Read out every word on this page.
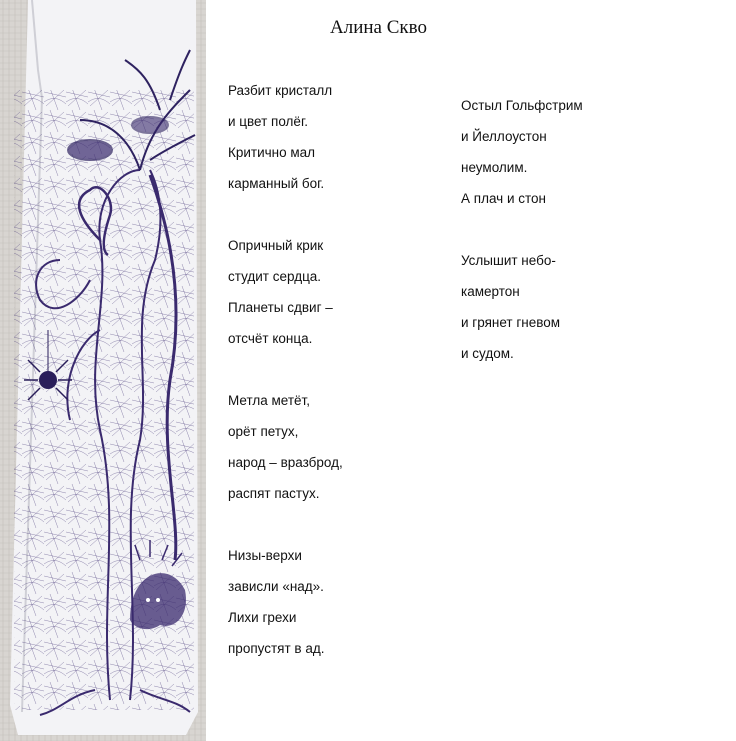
Алина Скво
Разбит кристалл
и цвет полёг.
Критично мал
карманный бог.
Опричный крик
студит сердца.
Планеты сдвиг –
отсчёт конца.
Метла метёт,
орёт петух,
народ – вразброд,
распят пастух.
Низы-верхи
зависли «над».
Лихи грехи
пропустят в ад.
Остыл Гольфстрим
и Йеллоустон
неумолим.
А плач и стон
Услышит небо-
камертон
и грянет гневом
и судом.
